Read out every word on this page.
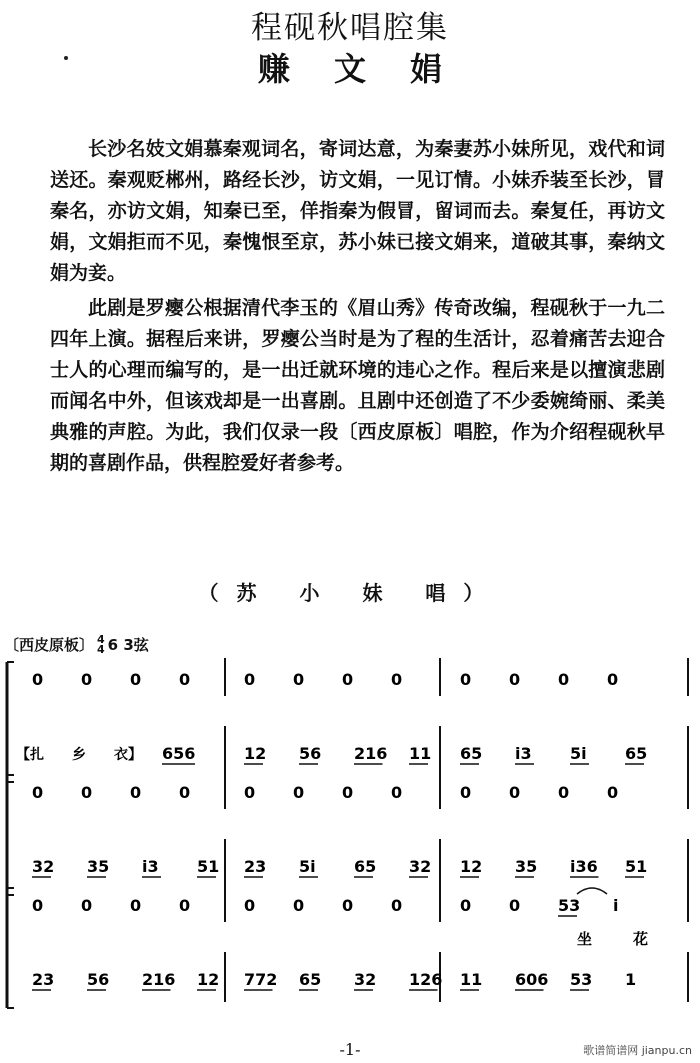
程砚秋唱腔集
赚文娟

长沙名妓文娟慕秦观词名，寄词达意，为秦妻苏小妹所见，戏代和词送还。秦观贬郴州，路经长沙，访文娟，一见订情。小妹乔装至长沙，冒秦名，亦访文娟，知秦已至，佯指秦为假冒，留词而去。秦复任，再访文娟，文娟拒而不见，秦愧恨至京，苏小妹已接文娟来，道破其事，秦纳文娟为妾。

此剧是罗瘿公根据清代李玉的《眉山秀》传奇改编，程砚秋于一九二四年上演。据程后来讲，罗瘿公当时是为了程的生活计，忍着痛苦去迎合士人的心理而编写的，是一出迁就环境的违心之作。程后来是以擅演悲剧而闻名中外，但该戏却是一出喜剧。且剧中还创造了不少委婉绮丽、柔美典雅的声腔。为此，我们仅录一段〔西皮原板〕唱腔，作为介绍程砚秋早期的喜剧作品，供程腔爱好者参考。

（苏 小 妹 唱）
〔西皮原板〕 4
4 6 3弦
0 0 0 0	0 0 0 0	0 0 0 0
【扎　　乡　　衣】 656	12 56 216 11 65 i3 5i 65
0 0 0 0	0 0 0 0	0 0 0 0
32 35 i3 51 23 5i 65 32 12 35 i36 51
0 0 0 0	0 0 0 0	0 0 53 i
23 56 216 12 772 65 32 126 11 606 53 1
坐	花
-1-	歌谱简谱网 jianpu.cn
